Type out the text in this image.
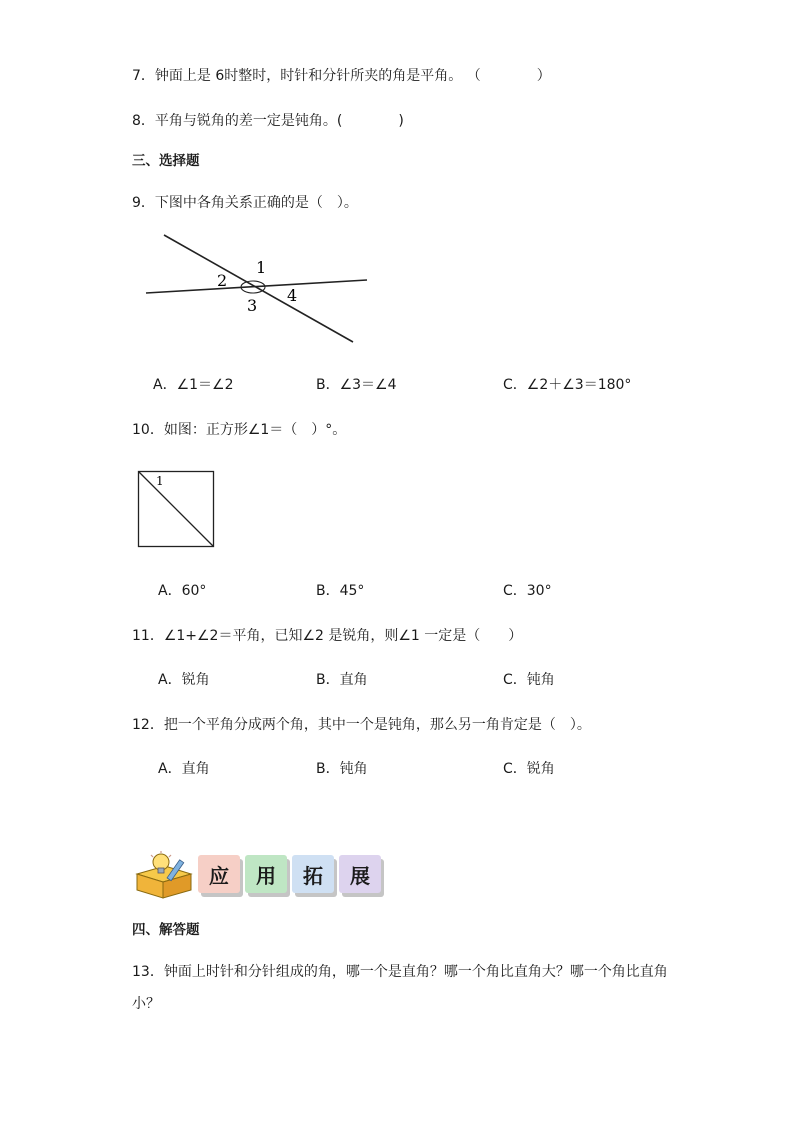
7．钟面上是 6时整时，时针和分针所夹的角是平角。 （　　　　）
8．平角与锐角的差一定是钝角。(　　　　)
三、选择题
9．下图中各角关系正确的是（　）。
1
2
3
4
A．∠1＝∠2	B．∠3＝∠4	C．∠2＋∠3＝180°
10．如图：正方形∠1＝（　）°。
1
A．60°	B．45°	C．30°
11．∠1+∠2＝平角，已知∠2 是锐角，则∠1 一定是（　　）
A．锐角	B．直角	C．钝角
12．把一个平角分成两个角，其中一个是钝角，那么另一角肯定是（　）。
A．直角	B．钝角	C．锐角
应	用	拓	展
四、解答题
13．钟面上时针和分针组成的角，哪一个是直角？哪一个角比直角大？哪一个角比直角
小？
